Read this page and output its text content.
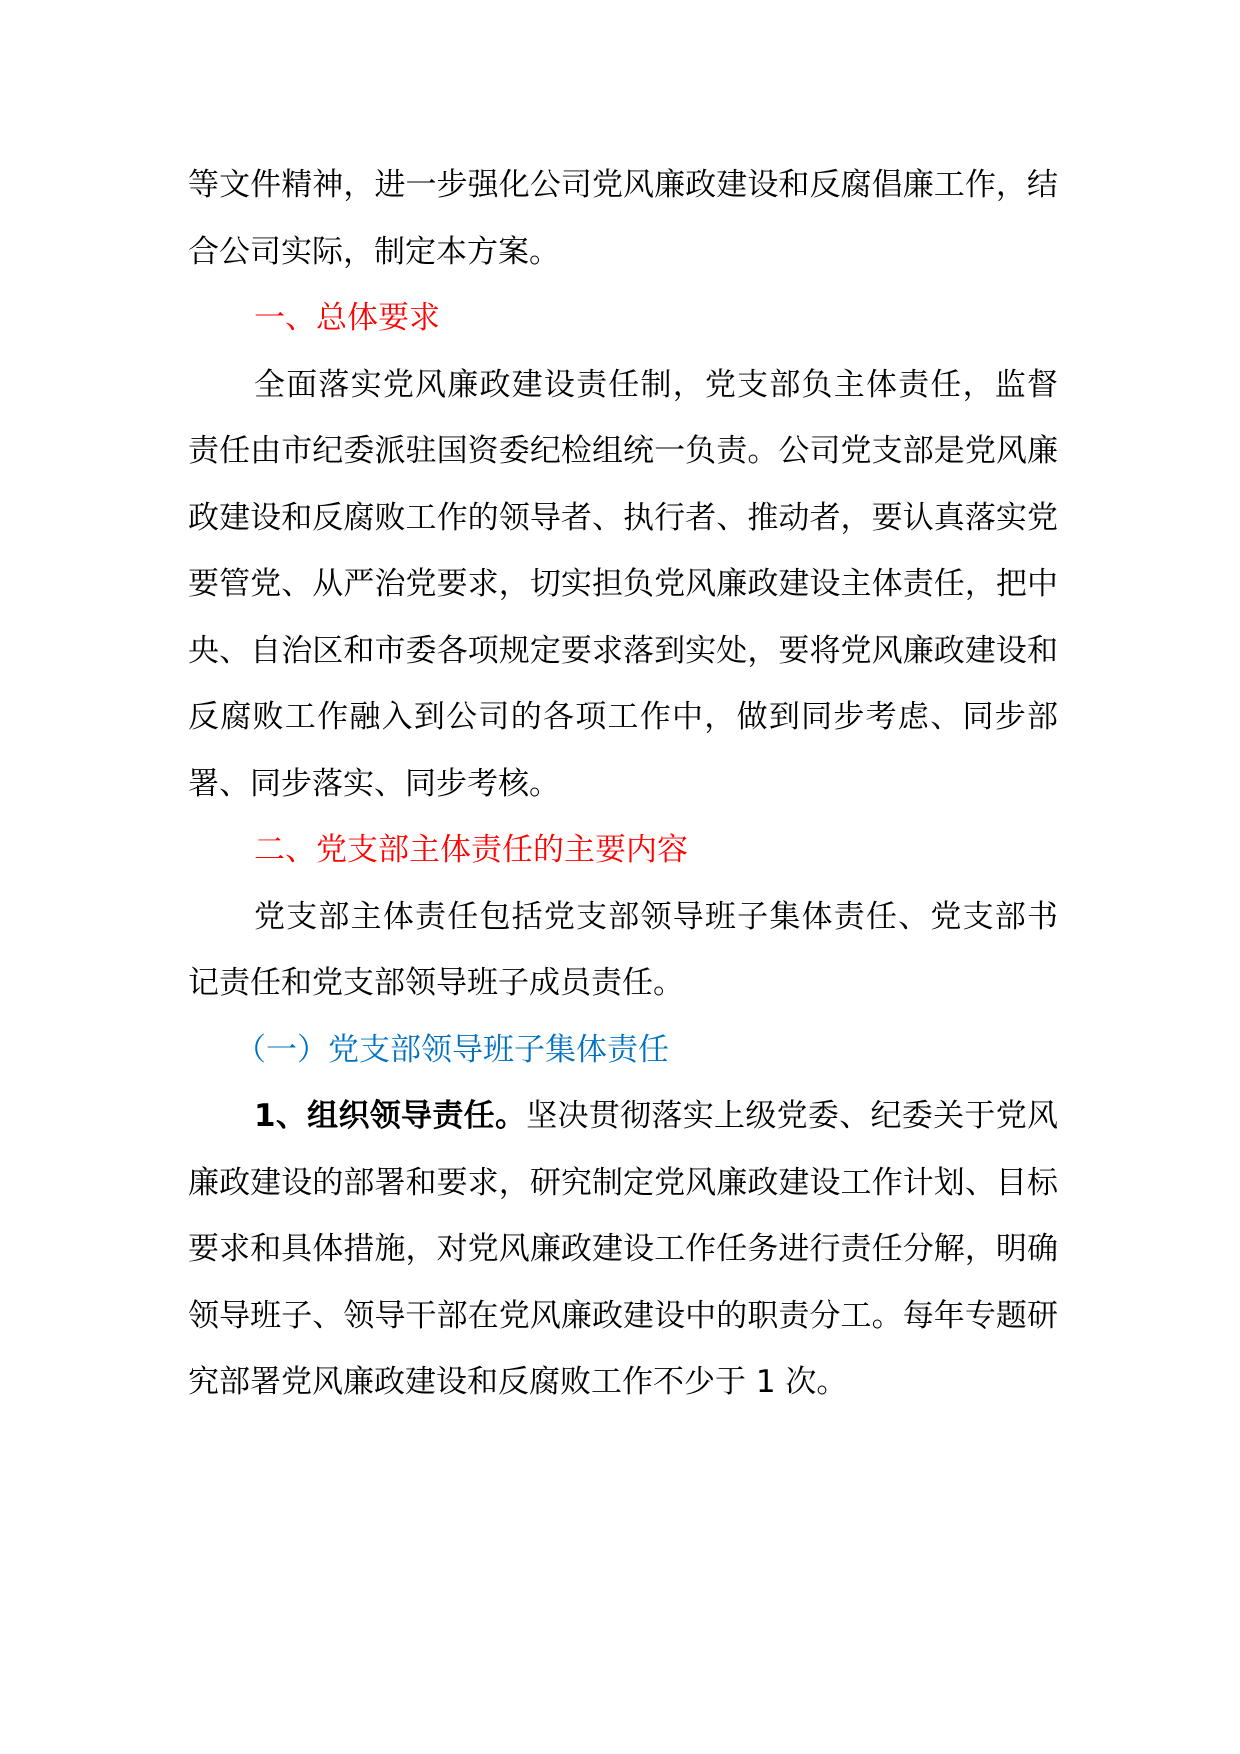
等文件精神，进一步强化公司党风廉政建设和反腐倡廉工作，结合公司实际，制定本方案。

一、总体要求

全面落实党风廉政建设责任制，党支部负主体责任，监督责任由市纪委派驻国资委纪检组统一负责。公司党支部是党风廉政建设和反腐败工作的领导者、执行者、推动者，要认真落实党要管党、从严治党要求，切实担负党风廉政建设主体责任，把中央、自治区和市委各项规定要求落到实处，要将党风廉政建设和反腐败工作融入到公司的各项工作中，做到同步考虑、同步部署、同步落实、同步考核。

二、党支部主体责任的主要内容

党支部主体责任包括党支部领导班子集体责任、党支部书记责任和党支部领导班子成员责任。

（一）党支部领导班子集体责任

1、组织领导责任。坚决贯彻落实上级党委、纪委关于党风廉政建设的部署和要求，研究制定党风廉政建设工作计划、目标要求和具体措施，对党风廉政建设工作任务进行责任分解，明确领导班子、领导干部在党风廉政建设中的职责分工。每年专题研究部署党风廉政建设和反腐败工作不少于 1 次。
